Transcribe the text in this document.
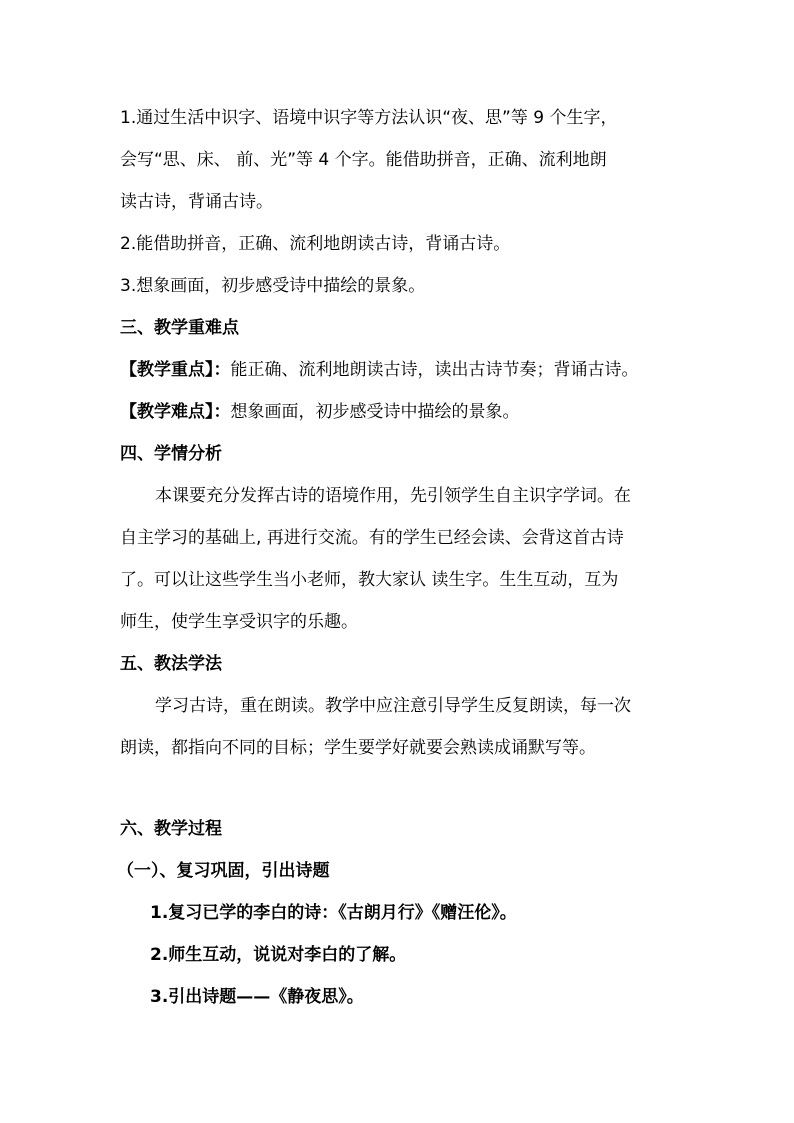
1.通过生活中识字、语境中识字等方法认识“夜、思”等 9 个生字，
会写“思、床、 前、光”等 4 个字。能借助拼音，正确、流利地朗
读古诗，背诵古诗。
2.能借助拼音，正确、流利地朗读古诗，背诵古诗。
3.想象画面，初步感受诗中描绘的景象。
三、教学重难点
【教学重点】：能正确、流利地朗读古诗，读出古诗节奏；背诵古诗。
【教学难点】：想象画面，初步感受诗中描绘的景象。
四、学情分析
本课要充分发挥古诗的语境作用，先引领学生自主识字学词。在
自主学习的基础上, 再进行交流。有的学生已经会读、会背这首古诗
了。可以让这些学生当小老师，教大家认 读生字。生生互动，互为
师生，使学生享受识字的乐趣。
五、教法学法
学习古诗，重在朗读。教学中应注意引导学生反复朗读，每一次
朗读，都指向不同的目标；学生要学好就要会熟读成诵默写等。
六、教学过程
（一）、复习巩固，引出诗题
1.复习已学的李白的诗：《古朗月行》《赠汪伦》。
2.师生互动，说说对李白的了解。
3.引出诗题——《静夜思》。
